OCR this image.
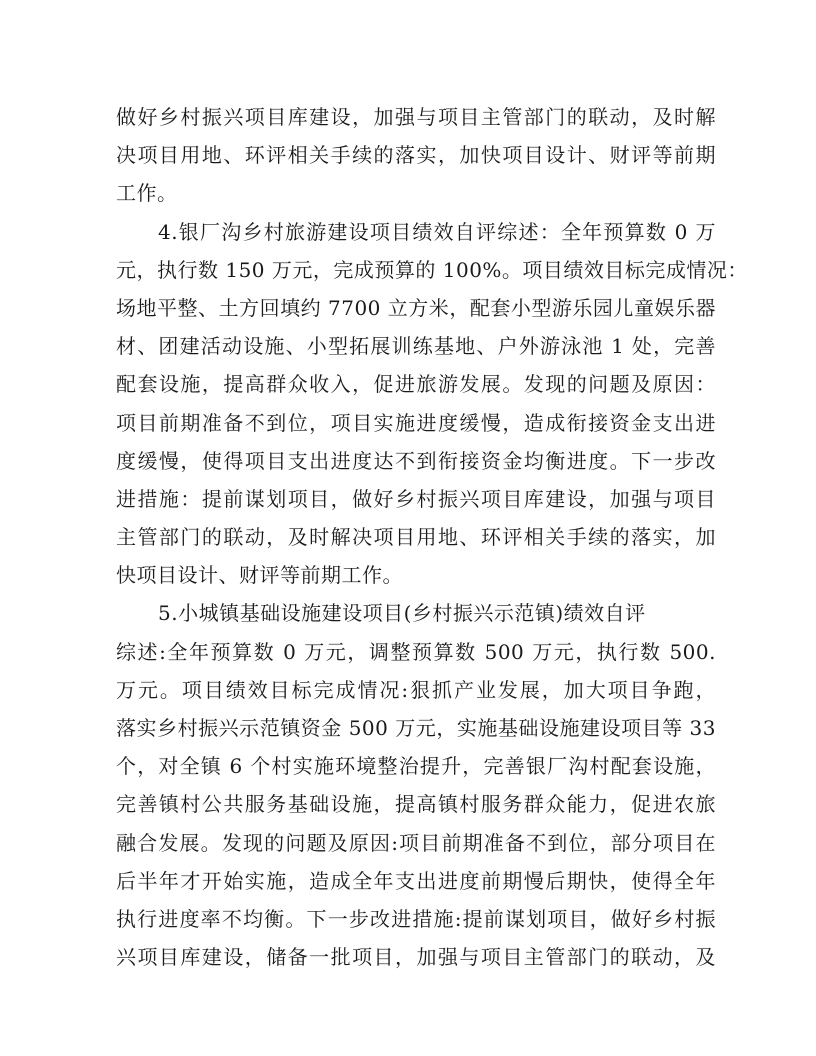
做好乡村振兴项目库建设，加强与项目主管部门的联动，及时解
决项目用地、环评相关手续的落实，加快项目设计、财评等前期
工作。
4.银厂沟乡村旅游建设项目绩效自评综述：全年预算数 0 万
元，执行数 150 万元，完成预算的 100%。项目绩效目标完成情况：
场地平整、土方回填约 7700 立方米，配套小型游乐园儿童娱乐器
材、团建活动设施、小型拓展训练基地、户外游泳池 1 处，完善
配套设施，提高群众收入，促进旅游发展。发现的问题及原因：
项目前期准备不到位，项目实施进度缓慢，造成衔接资金支出进
度缓慢，使得项目支出进度达不到衔接资金均衡进度。下一步改
进措施：提前谋划项目，做好乡村振兴项目库建设，加强与项目
主管部门的联动，及时解决项目用地、环评相关手续的落实，加
快项目设计、财评等前期工作。
5.小城镇基础设施建设项目(乡村振兴示范镇)绩效自评
综述:全年预算数 0 万元，调整预算数 500 万元，执行数 500.
万元。项目绩效目标完成情况:狠抓产业发展，加大项目争跑，
落实乡村振兴示范镇资金 500 万元，实施基础设施建设项目等 33
个，对全镇 6 个村实施环境整治提升，完善银厂沟村配套设施，
完善镇村公共服务基础设施，提高镇村服务群众能力，促进农旅
融合发展。发现的问题及原因:项目前期准备不到位，部分项目在
后半年才开始实施，造成全年支出进度前期慢后期快，使得全年
执行进度率不均衡。下一步改进措施:提前谋划项目，做好乡村振
兴项目库建设，储备一批项目，加强与项目主管部门的联动，及
